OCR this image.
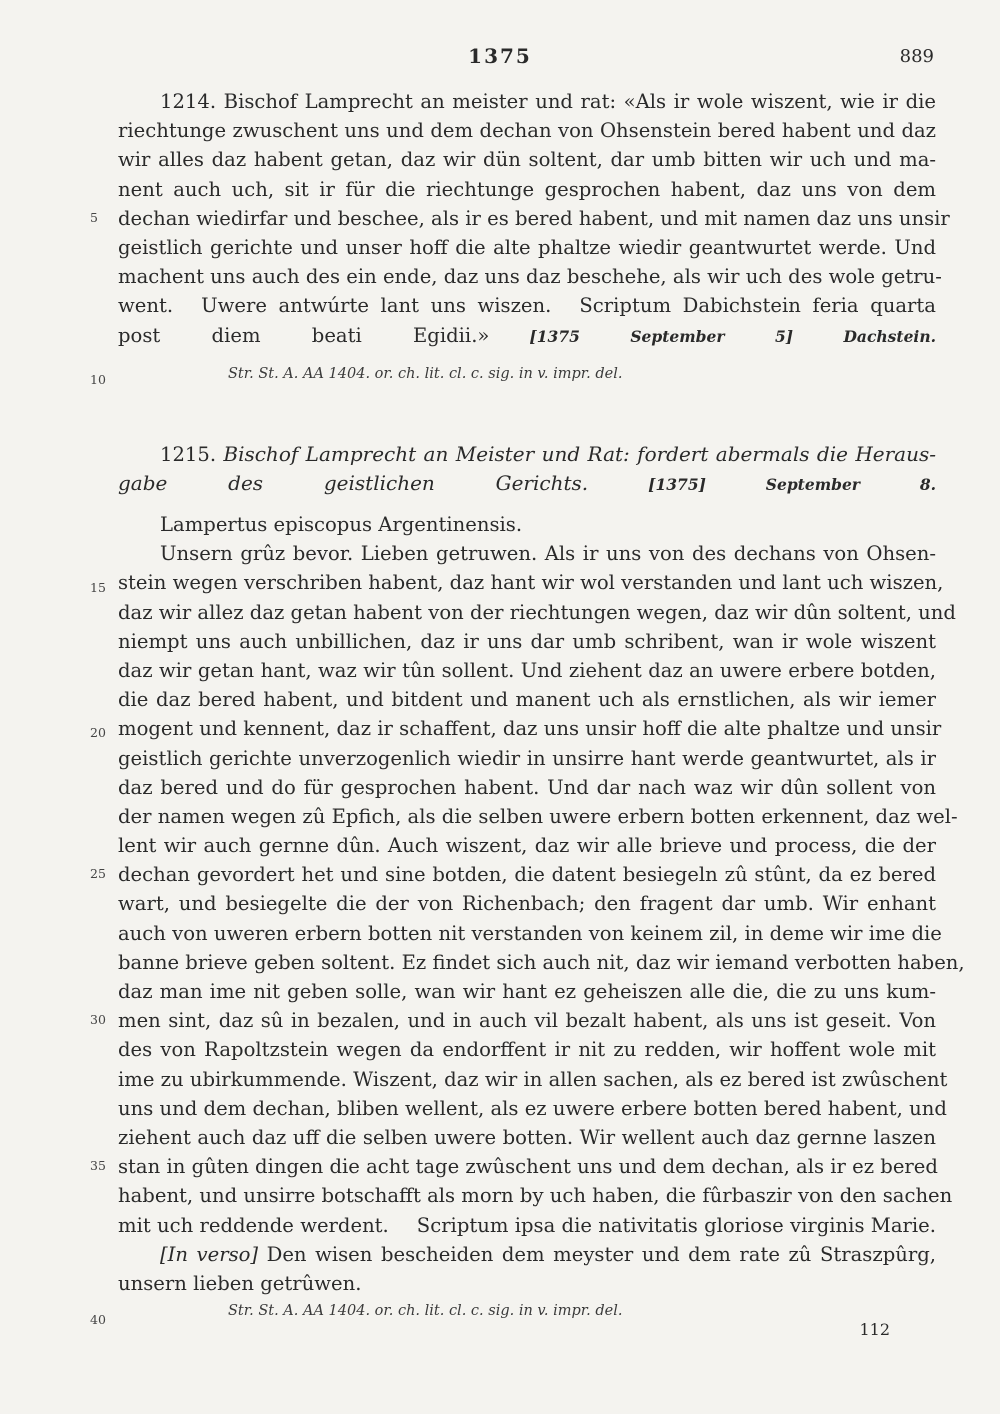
1375	889
1214. Bischof Lamprecht an meister und rat: «Als ir wole wiszent, wie ir die
riechtunge zwuschent uns und dem dechan von Ohsenstein bered habent und daz
wir alles daz habent getan, daz wir dün soltent, dar umb bitten wir uch und ma-
nent auch uch, sit ir für die riechtunge gesprochen habent, daz uns von dem
dechan wiedirfar und beschee, als ir es bered habent, und mit namen daz uns unsir
geistlich gerichte und unser hoff die alte phaltze wiedir geantwurtet werde. Und
machent uns auch des ein ende, daz uns daz beschehe, als wir uch des wole getru-
went. Uwere antwúrte lant uns wiszen. Scriptum Dabichstein feria quarta
post diem beati Egidii.»	[1375 September 5] Dachstein.
Str. St. A. AA 1404. or. ch. lit. cl. c. sig. in v. impr. del.
1215. Bischof Lamprecht an Meister und Rat: fordert abermals die Heraus-
gabe des geistlichen Gerichts.	[1375] September 8.
Lampertus episcopus Argentinensis.
Unsern grûz bevor. Lieben getruwen. Als ir uns von des dechans von Ohsen-
stein wegen verschriben habent, daz hant wir wol verstanden und lant uch wiszen,
daz wir allez daz getan habent von der riechtungen wegen, daz wir dûn soltent, und
niempt uns auch unbillichen, daz ir uns dar umb schribent, wan ir wole wiszent
daz wir getan hant, waz wir tûn sollent. Und ziehent daz an uwere erbere botden,
die daz bered habent, und bitdent und manent uch als ernstlichen, als wir iemer
mogent und kennent, daz ir schaffent, daz uns unsir hoff die alte phaltze und unsir
geistlich gerichte unverzogenlich wiedir in unsirre hant werde geantwurtet, als ir
daz bered und do für gesprochen habent. Und dar nach waz wir dûn sollent von
der namen wegen zû Epfich, als die selben uwere erbern botten erkennent, daz wel-
lent wir auch gernne dûn. Auch wiszent, daz wir alle brieve und process, die der
dechan gevordert het und sine botden, die datent besiegeln zû stûnt, da ez bered
wart, und besiegelte die der von Richenbach; den fragent dar umb. Wir enhant
auch von uweren erbern botten nit verstanden von keinem zil, in deme wir ime die
banne brieve geben soltent. Ez findet sich auch nit, daz wir iemand verbotten haben,
daz man ime nit geben solle, wan wir hant ez geheiszen alle die, die zu uns kum-
men sint, daz sû in bezalen, und in auch vil bezalt habent, als uns ist geseit. Von
des von Rapoltzstein wegen da endorffent ir nit zu redden, wir hoffent wole mit
ime zu ubirkummende. Wiszent, daz wir in allen sachen, als ez bered ist zwûschent
uns und dem dechan, bliben wellent, als ez uwere erbere botten bered habent, und
ziehent auch daz uff die selben uwere botten. Wir wellent auch daz gernne laszen
stan in gûten dingen die acht tage zwûschent uns und dem dechan, als ir ez bered
habent, und unsirre botschafft als morn by uch haben, die fûrbaszir von den sachen
mit uch reddende werdent. Scriptum ipsa die nativitatis gloriose virginis Marie.
[In verso] Den wisen bescheiden dem meyster und dem rate zû Straszpûrg,
unsern lieben getrûwen.
Str. St. A. AA 1404. or. ch. lit. cl. c. sig. in v. impr. del.
5
10
15
20
25
30
35
40
112
